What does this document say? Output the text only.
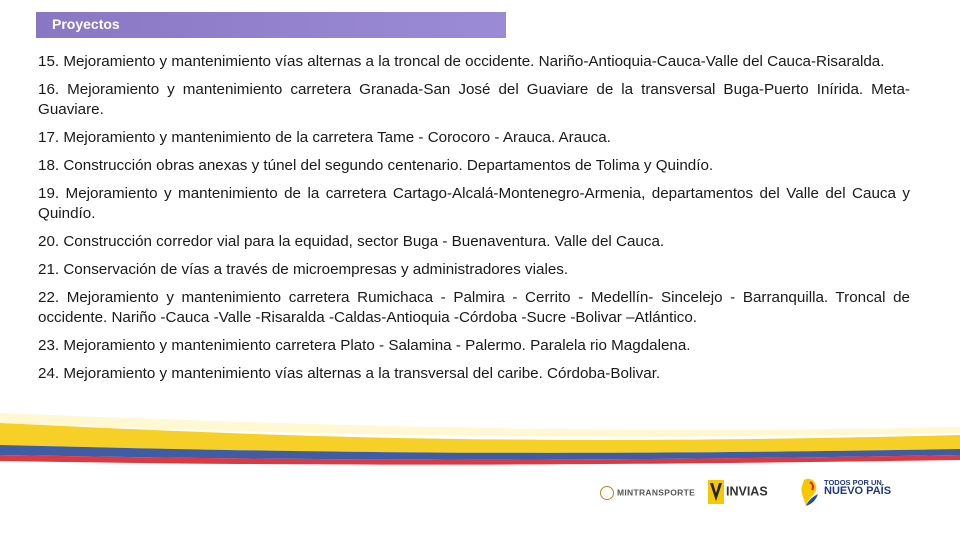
Proyectos
15. Mejoramiento y mantenimiento vías alternas a la troncal de occidente. Nariño-Antioquia-Cauca-Valle del Cauca-Risaralda.
16. Mejoramiento y mantenimiento carretera Granada-San José del Guaviare de la transversal Buga-Puerto Inírida. Meta-Guaviare.
17. Mejoramiento y mantenimiento de la carretera Tame - Corocoro - Arauca. Arauca.
18. Construcción obras anexas y túnel del segundo centenario. Departamentos de Tolima y Quindío.
19. Mejoramiento y mantenimiento de la carretera Cartago-Alcalá-Montenegro-Armenia, departamentos del Valle del Cauca y Quindío.
20. Construcción corredor vial para la equidad, sector Buga - Buenaventura. Valle del Cauca.
21. Conservación de vías a través de microempresas y administradores viales.
22. Mejoramiento y mantenimiento carretera Rumichaca - Palmira - Cerrito - Medellín- Sincelejo - Barranquilla. Troncal de occidente. Nariño -Cauca -Valle -Risaralda -Caldas-Antioquia -Córdoba -Sucre -Bolivar –Atlántico.
23. Mejoramiento y mantenimiento carretera Plato - Salamina - Palermo. Paralela rio Magdalena.
24. Mejoramiento y mantenimiento vías alternas a la transversal del caribe. Córdoba-Bolivar.
MINTRANSPORTE	INVIAS
TODOS POR UN
NUEVO PAÍS
